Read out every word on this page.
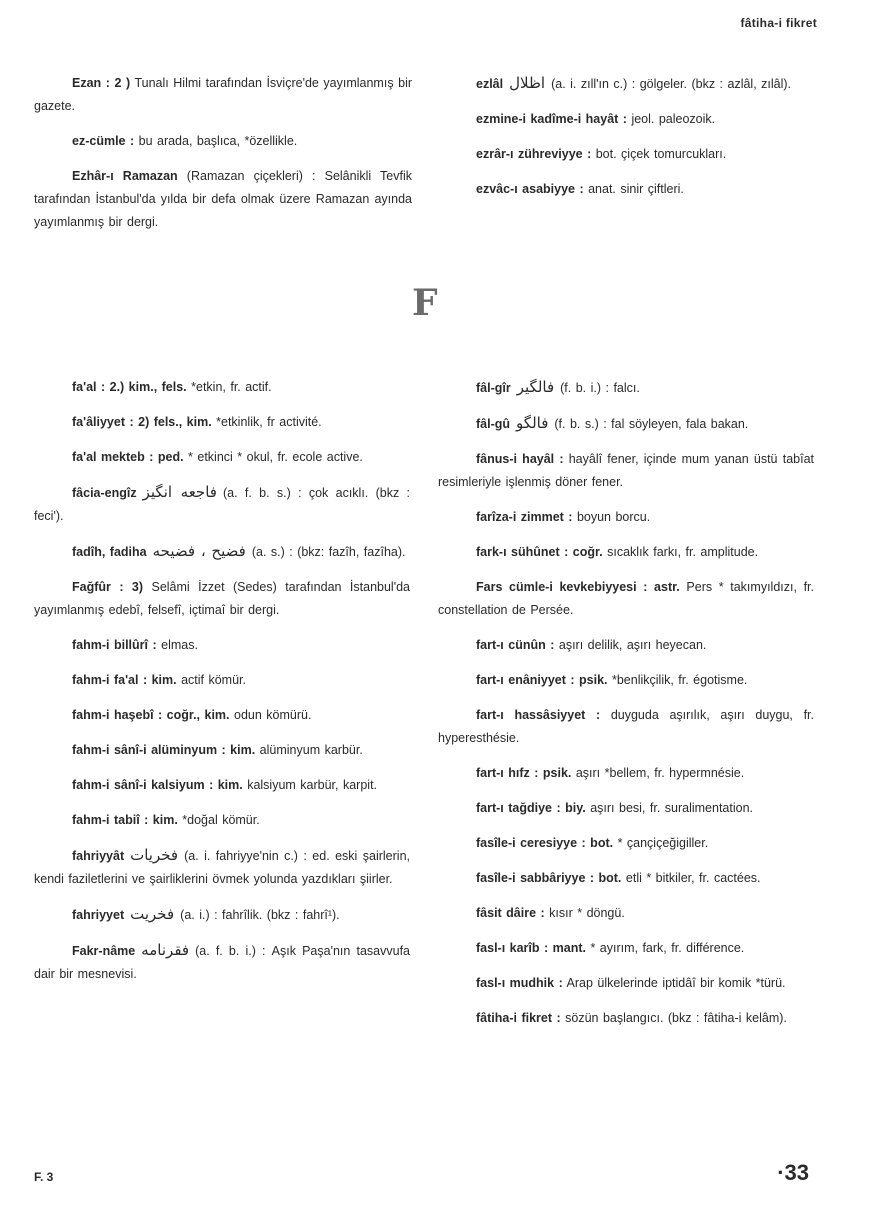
fâtiha-i fikret

Ezan : 2 ) Tunalı Hilmi tarafından İsviçre'de yayımlanmış bir gazete.

ez-cümle : bu arada, başlıca, *özellikle.

Ezhâr-ı Ramazan (Ramazan çiçekleri) : Selânikli Tevfik tarafından İstanbul'da yılda bir defa olmak üzere Ramazan ayında yayımlanmış bir dergi.

ezlâl اظلال (a. i. zıll'ın c.) : gölgeler. (bkz : azlâl, zılâl).

ezmine-i kadîme-i hayât : jeol. paleozoik.

ezrâr-ı zühreviyye : bot. çiçek tomurcukları.

ezvâc-ı asabiyye : anat. sinir çiftleri.

F

fa'al : 2.) kim., fels. *etkin, fr. actif.

fa'âliyyet : 2) fels., kim. *etkinlik, fr activité.

fa'al mekteb : ped. * etkinci * okul, fr. ecole active.

fâcia-engîz فاجعه انگیز (a. f. b. s.) : çok acıklı. (bkz : feci').

fadîh, fadiha فضیح ، فضیحه (a. s.) : (bkz: fazîh, fazîha).

Fağfûr : 3) Selâmi İzzet (Sedes) tarafından İstanbul'da yayımlanmış edebî, felsefî, içtimaî bir dergi.

fahm-i billûrî : elmas.

fahm-i fa'al : kim. actif kömür.

fahm-i haşebî : coğr., kim. odun kömürü.

fahm-i sânî-i alüminyum : kim. alüminyum karbür.

fahm-i sânî-i kalsiyum : kim. kalsiyum karbür, karpit.

fahm-i tabiî : kim. *doğal kömür.

fahriyyât فخریات (a. i. fahriyye'nin c.) : ed. eski şairlerin, kendi faziletlerini ve şairliklerini övmek yolunda yazdıkları şiirler.

fahriyyet فخریت (a. i.) : fahrîlik. (bkz : fahrî¹).

Fakr-nâme فقرنامه (a. f. b. i.) : Aşık Paşa'nın tasavvufa dair bir mesnevisi.

fâl-gîr فالگیر (f. b. i.) : falcı.

fâl-gû فالگو (f. b. s.) : fal söyleyen, fala bakan.

fânus-i hayâl : hayâlî fener, içinde mum yanan üstü tabîat resimleriyle işlenmiş döner fener.

farîza-i zimmet : boyun borcu.

fark-ı sühûnet : coğr. sıcaklık farkı, fr. amplitude.

Fars cümle-i kevkebiyyesi : astr. Pers * takımyıldızı, fr. constellation de Persée.

fart-ı cünûn : aşırı delilik, aşırı heyecan.

fart-ı enâniyyet : psik. *benlikçilik, fr. égotisme.

fart-ı hassâsiyyet : duyguda aşırılık, aşırı duygu, fr. hyperesthésie.

fart-ı hıfz : psik. aşırı *bellem, fr. hypermnésie.

fart-ı tağdiye : biy. aşırı besi, fr. suralimentation.

fasîle-i ceresiyye : bot. * çançiçeğigiller.

fasîle-i sabbâriyye : bot. etli * bitkiler, fr. cactées.

fâsit dâire : kısır * döngü.

fasl-ı karîb : mant. * ayırım, fark, fr. différence.

fasl-ı mudhik : Arap ülkelerinde iptidâî bir komik *türü.

fâtiha-i fikret : sözün başlangıcı. (bkz : fâtiha-i kelâm).

F. 3	·33
